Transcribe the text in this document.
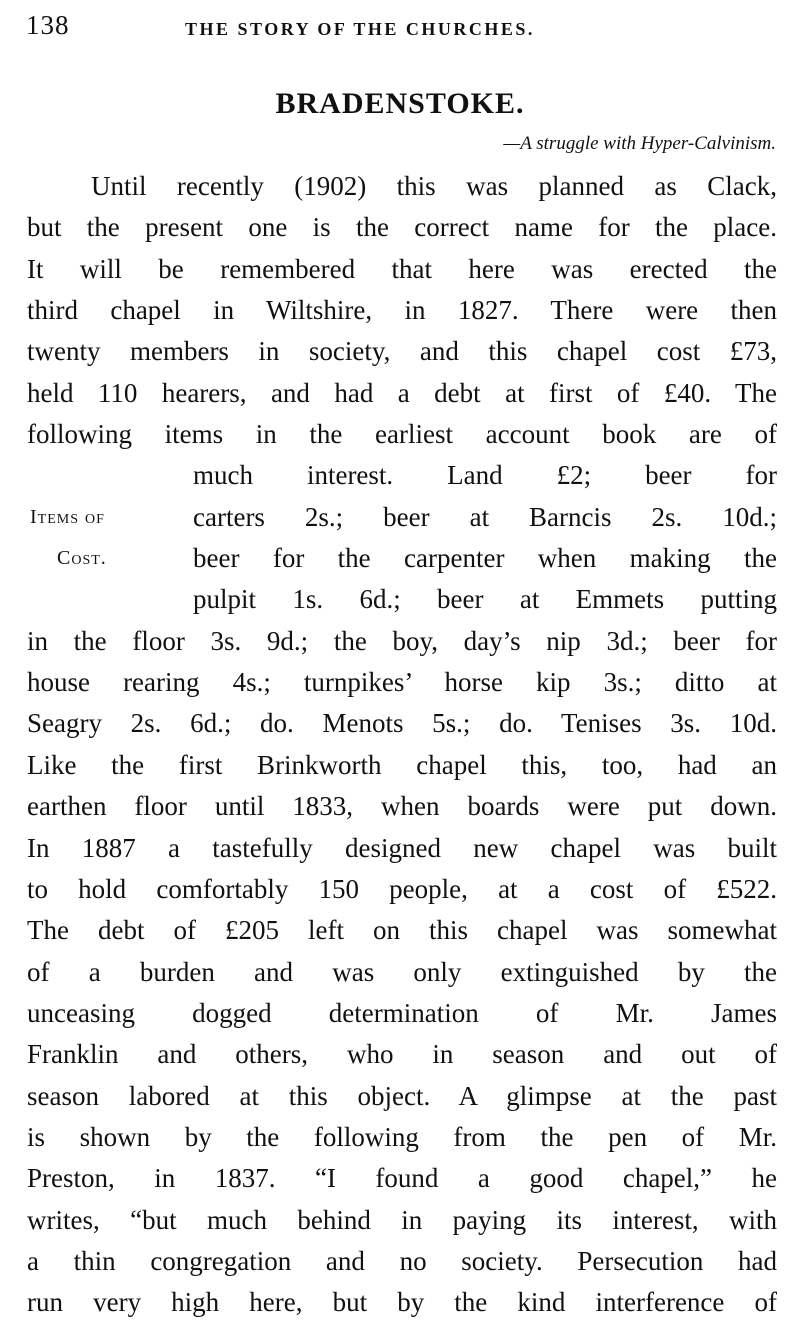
138	THE STORY OF THE CHURCHES.
BRADENSTOKE.
—A struggle with Hyper-Calvinism.
Items of
Cost.
Until recently (1902) this was planned as Clack,
but the present one is the correct name for the place.
It will be remembered that here was erected the
third chapel in Wiltshire, in 1827. There were then
twenty members in society, and this chapel cost £73,
held 110 hearers, and had a debt at first of £40. The
following items in the earliest account book are of
much interest. Land £2; beer for
carters 2s.; beer at Barncis 2s. 10d.;
beer for the carpenter when making the
pulpit 1s. 6d.; beer at Emmets putting
in the floor 3s. 9d.; the boy, day’s nip 3d.; beer for
house rearing 4s.; turnpikes’ horse kip 3s.; ditto at
Seagry 2s. 6d.; do. Menots 5s.; do. Tenises 3s. 10d.
Like the first Brinkworth chapel this, too, had an
earthen floor until 1833, when boards were put down.
In 1887 a tastefully designed new chapel was built
to hold comfortably 150 people, at a cost of £522.
The debt of £205 left on this chapel was somewhat
of a burden and was only extinguished by the
unceasing dogged determination of Mr. James
Franklin and others, who in season and out of
season labored at this object. A glimpse at the past
is shown by the following from the pen of Mr.
Preston, in 1837. “I found a good chapel,” he
writes, “but much behind in paying its interest, with
a thin congregation and no society. Persecution had
run very high here, but by the kind interference of
